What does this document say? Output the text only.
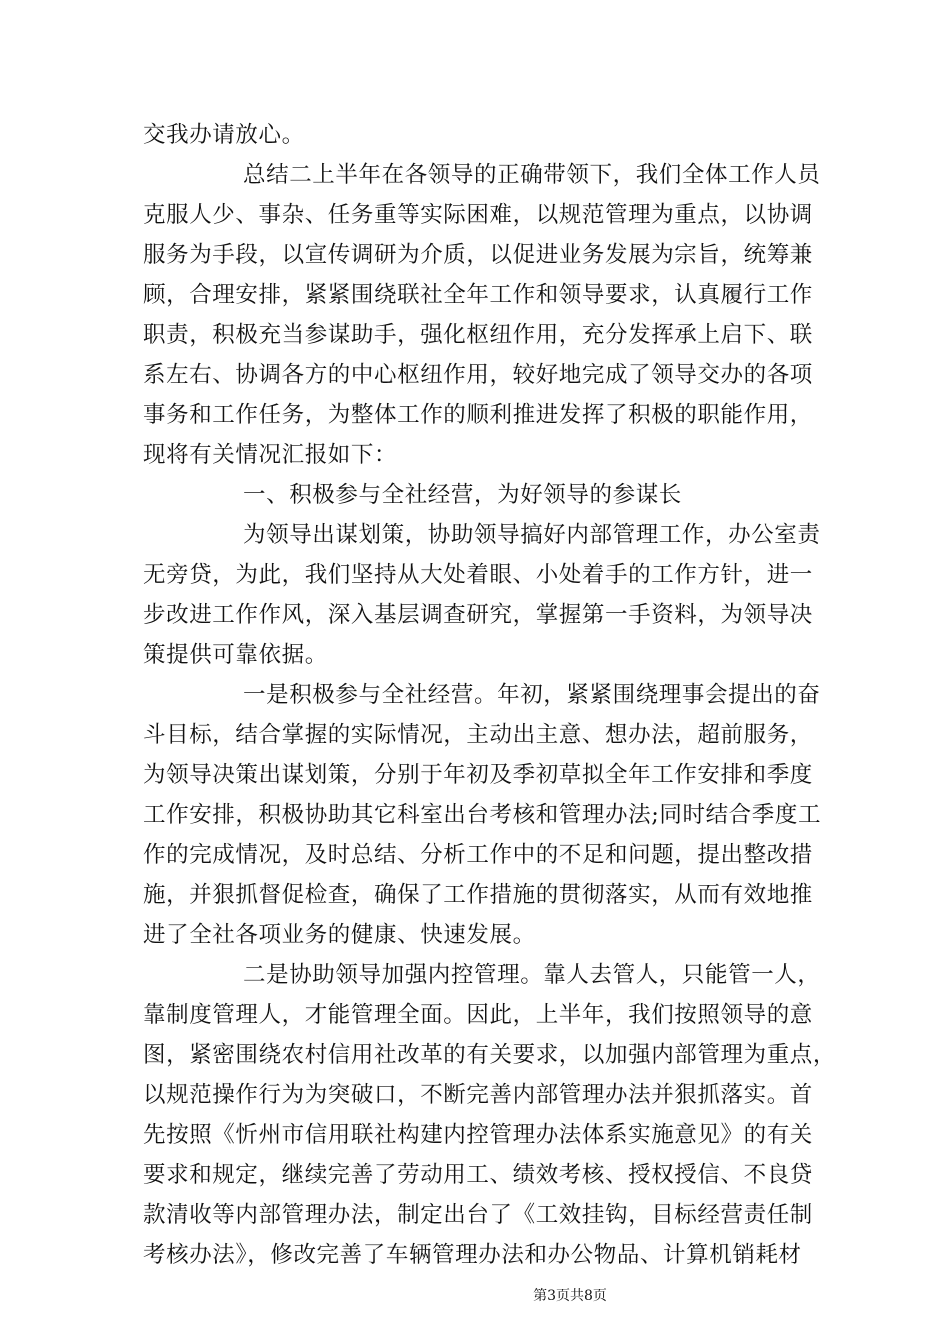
交我办请放心。
总结二上半年在各领导的正确带领下，我们全体工作人员
克服人少、事杂、任务重等实际困难，以规范管理为重点，以协调
服务为手段，以宣传调研为介质，以促进业务发展为宗旨，统筹兼
顾，合理安排，紧紧围绕联社全年工作和领导要求，认真履行工作
职责，积极充当参谋助手，强化枢纽作用，充分发挥承上启下、联
系左右、协调各方的中心枢纽作用，较好地完成了领导交办的各项
事务和工作任务，为整体工作的顺利推进发挥了积极的职能作用，
现将有关情况汇报如下：
一、积极参与全社经营，为好领导的参谋长
为领导出谋划策，协助领导搞好内部管理工作，办公室责
无旁贷，为此，我们坚持从大处着眼、小处着手的工作方针，进一
步改进工作作风，深入基层调查研究，掌握第一手资料，为领导决
策提供可靠依据。
一是积极参与全社经营。年初，紧紧围绕理事会提出的奋
斗目标，结合掌握的实际情况，主动出主意、想办法，超前服务，
为领导决策出谋划策，分别于年初及季初草拟全年工作安排和季度
工作安排，积极协助其它科室出台考核和管理办法;同时结合季度工
作的完成情况，及时总结、分析工作中的不足和问题，提出整改措
施，并狠抓督促检查，确保了工作措施的贯彻落实，从而有效地推
进了全社各项业务的健康、快速发展。
二是协助领导加强内控管理。靠人去管人，只能管一人，
靠制度管理人，才能管理全面。因此，上半年，我们按照领导的意
图，紧密围绕农村信用社改革的有关要求，以加强内部管理为重点，
以规范操作行为为突破口，不断完善内部管理办法并狠抓落实。首
先按照《忻州市信用联社构建内控管理办法体系实施意见》的有关
要求和规定，继续完善了劳动用工、绩效考核、授权授信、不良贷
款清收等内部管理办法，制定出台了《工效挂钩，目标经营责任制
考核办法》，修改完善了车辆管理办法和办公物品、计算机销耗材
第3页共8页
